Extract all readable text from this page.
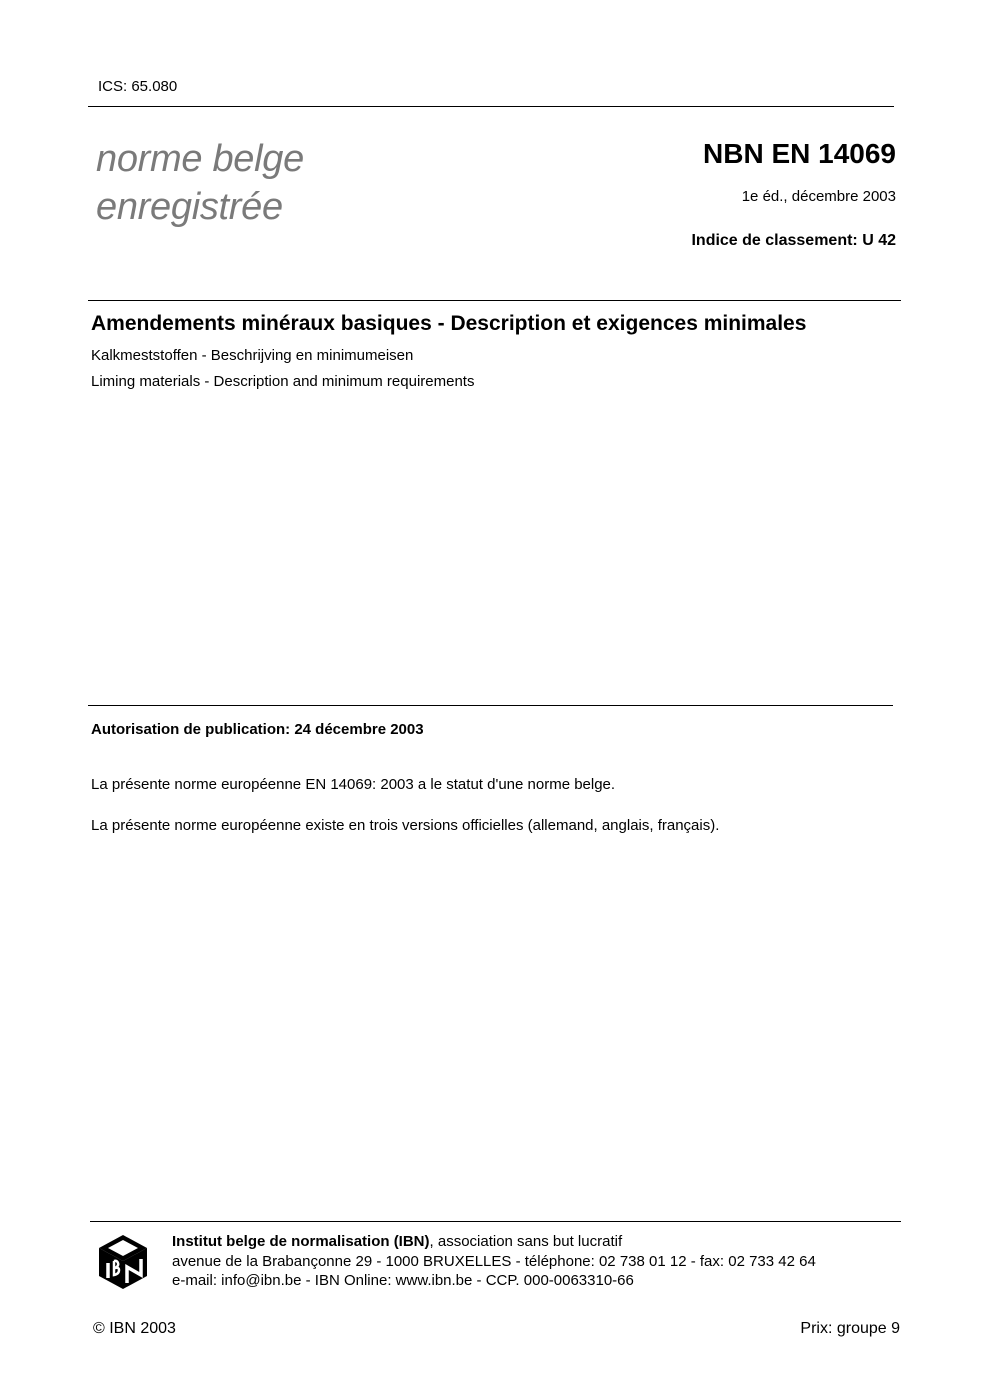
ICS: 65.080
norme belge
enregistrée
NBN EN 14069
1e éd., décembre 2003
Indice de classement: U 42
Amendements minéraux basiques - Description et exigences minimales
Kalkmeststoffen - Beschrijving en minimumeisen
Liming materials - Description and minimum requirements
Autorisation de publication: 24 décembre 2003
La présente norme européenne EN 14069: 2003 a le statut d'une norme belge.
La présente norme européenne existe en trois versions officielles (allemand, anglais, français).
Institut belge de normalisation (IBN), association sans but lucratif
avenue de la Brabançonne 29 - 1000 BRUXELLES - téléphone: 02 738 01 12 - fax: 02 733 42 64
e-mail: info@ibn.be - IBN Online: www.ibn.be - CCP. 000-0063310-66
© IBN 2003	Prix: groupe 9
